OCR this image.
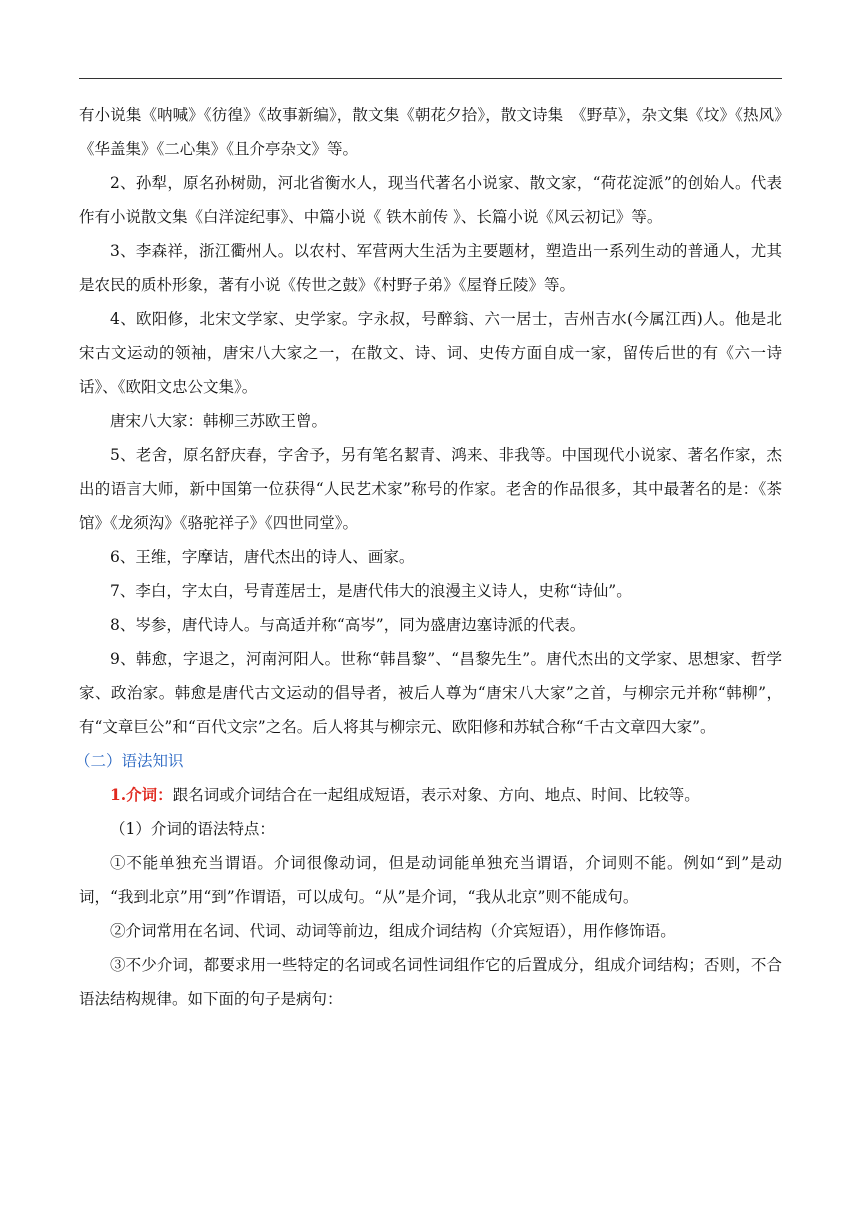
有小说集《呐喊》《彷徨》《故事新编》，散文集《朝花夕拾》，散文诗集　《野草》，杂文集《坟》《热风》《华盖集》《二心集》《且介亭杂文》等。

2、孙犁，原名孙树勋，河北省衡水人，现当代著名小说家、散文家，“荷花淀派”的创始人。代表作有小说散文集《白洋淀纪事》、中篇小说《 铁木前传 》、长篇小说《风云初记》等。

3、李森祥，浙江衢州人。以农村、军营两大生活为主要题材，塑造出一系列生动的普通人，尤其是农民的质朴形象，著有小说《传世之鼓》《村野子弟》《屋脊丘陵》等。

4、欧阳修，北宋文学家、史学家。字永叔，号醉翁、六一居士，吉州吉水(今属江西)人。他是北宋古文运动的领袖，唐宋八大家之一，在散文、诗、词、史传方面自成一家，留传后世的有《六一诗话》、《欧阳文忠公文集》。

唐宋八大家：韩柳三苏欧王曾。

5、老舍，原名舒庆春，字舍予，另有笔名絜青、鸿来、非我等。中国现代小说家、著名作家，杰出的语言大师，新中国第一位获得“人民艺术家”称号的作家。老舍的作品很多，其中最著名的是：《茶馆》《龙须沟》《骆驼祥子》《四世同堂》。

6、王维，字摩诘，唐代杰出的诗人、画家。

7、李白，字太白，号青莲居士，是唐代伟大的浪漫主义诗人，史称“诗仙”。

8、岑参，唐代诗人。与高适并称“高岑”，同为盛唐边塞诗派的代表。

9、韩愈，字退之，河南河阳人。世称“韩昌黎”、“昌黎先生”。唐代杰出的文学家、思想家、哲学家、政治家。韩愈是唐代古文运动的倡导者，被后人尊为“唐宋八大家”之首，与柳宗元并称“韩柳”，有“文章巨公”和“百代文宗”之名。后人将其与柳宗元、欧阳修和苏轼合称“千古文章四大家”。

（二）语法知识

1.介词：跟名词或介词结合在一起组成短语，表示对象、方向、地点、时间、比较等。

（1）介词的语法特点：

①不能单独充当谓语。介词很像动词，但是动词能单独充当谓语，介词则不能。例如“到”是动词，“我到北京”用“到”作谓语，可以成句。“从”是介词，“我从北京”则不能成句。

②介词常用在名词、代词、动词等前边，组成介词结构（介宾短语），用作修饰语。

③不少介词，都要求用一些特定的名词或名词性词组作它的后置成分，组成介词结构；否则，不合语法结构规律。如下面的句子是病句：
